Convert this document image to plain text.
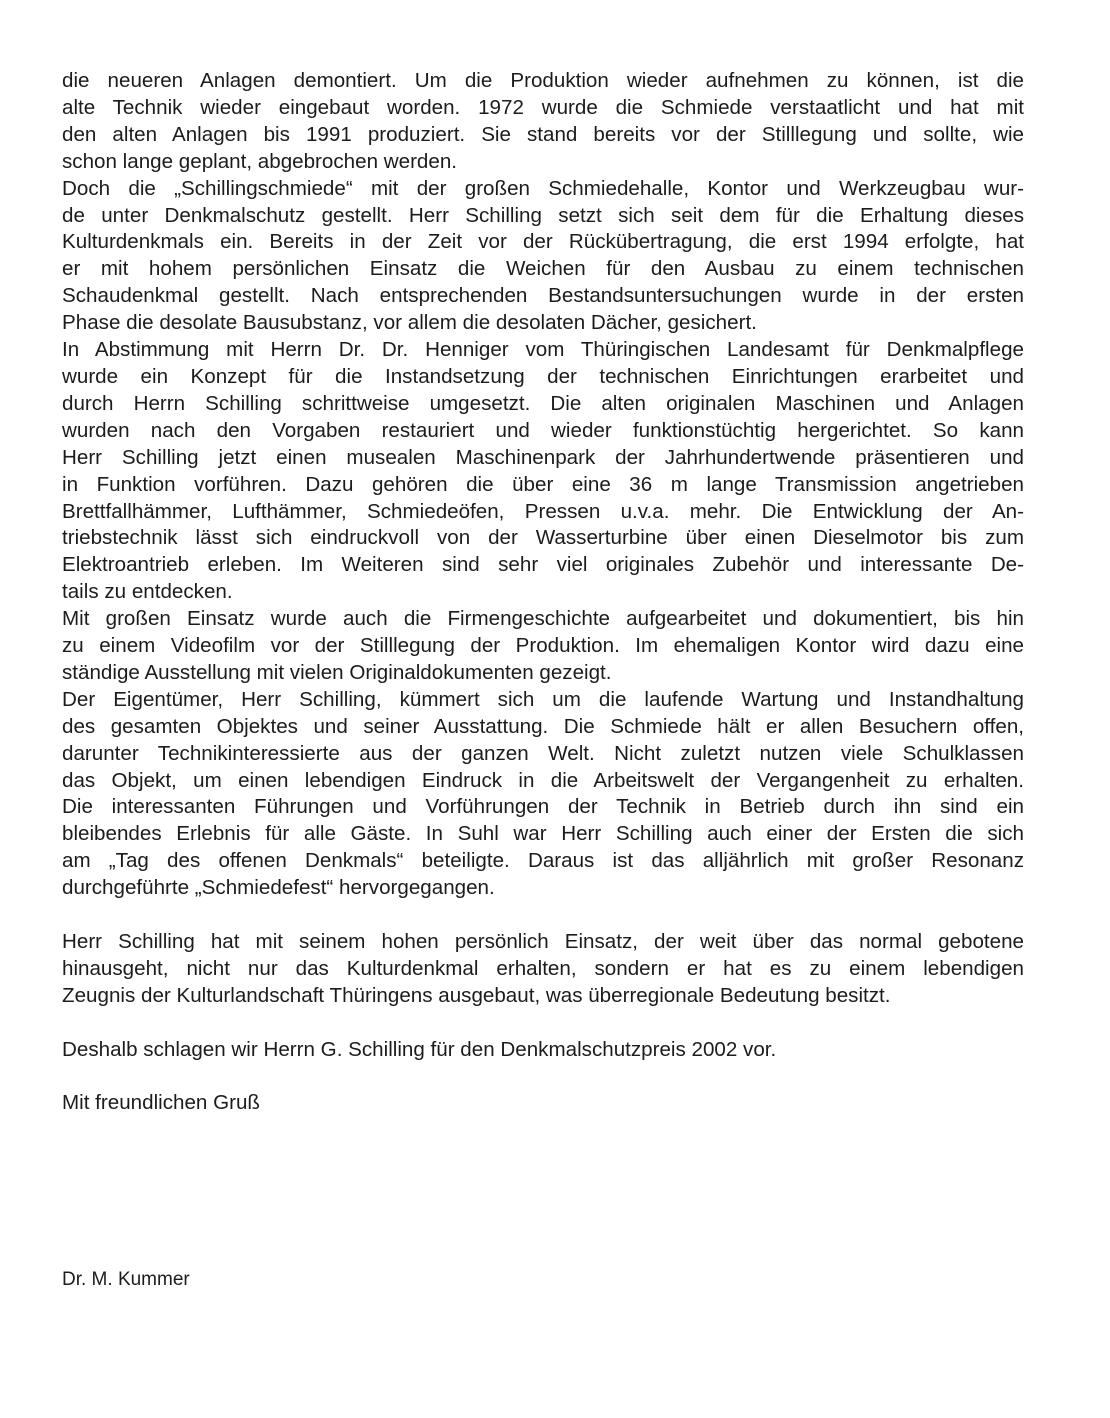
die neueren Anlagen demontiert. Um die Produktion wieder aufnehmen zu können, ist die
alte Technik wieder eingebaut worden. 1972 wurde die Schmiede verstaatlicht und hat mit
den alten Anlagen bis 1991 produziert. Sie stand bereits vor der Stilllegung und sollte, wie
schon lange geplant, abgebrochen werden.
Doch die „Schillingschmiede“ mit der großen Schmiedehalle, Kontor und Werkzeugbau wur-
de unter Denkmalschutz gestellt. Herr Schilling setzt sich seit dem für die Erhaltung dieses
Kulturdenkmals ein. Bereits in der Zeit vor der Rückübertragung, die erst 1994 erfolgte, hat
er mit hohem persönlichen Einsatz die Weichen für den Ausbau zu einem technischen
Schaudenkmal gestellt. Nach entsprechenden Bestandsuntersuchungen wurde in der ersten
Phase die desolate Bausubstanz, vor allem die desolaten Dächer, gesichert.
In Abstimmung mit Herrn Dr. Dr. Henniger vom Thüringischen Landesamt für Denkmalpflege
wurde ein Konzept für die Instandsetzung der technischen Einrichtungen erarbeitet und
durch Herrn Schilling schrittweise umgesetzt. Die alten originalen Maschinen und Anlagen
wurden nach den Vorgaben restauriert und wieder funktionstüchtig hergerichtet. So kann
Herr Schilling jetzt einen musealen Maschinenpark der Jahrhundertwende präsentieren und
in Funktion vorführen. Dazu gehören die über eine 36 m lange Transmission angetrieben
Brettfallhämmer, Lufthämmer, Schmiedeöfen, Pressen u.v.a. mehr. Die Entwicklung der An-
triebstechnik lässt sich eindruckvoll von der Wasserturbine über einen Dieselmotor bis zum
Elektroantrieb erleben. Im Weiteren sind sehr viel originales Zubehör und interessante De-
tails zu entdecken.
Mit großen Einsatz wurde auch die Firmengeschichte aufgearbeitet und dokumentiert, bis hin
zu einem Videofilm vor der Stilllegung der Produktion. Im ehemaligen Kontor wird dazu eine
ständige Ausstellung mit vielen Originaldokumenten gezeigt.
Der Eigentümer, Herr Schilling, kümmert sich um die laufende Wartung und Instandhaltung
des gesamten Objektes und seiner Ausstattung. Die Schmiede hält er allen Besuchern offen,
darunter Technikinteressierte aus der ganzen Welt. Nicht zuletzt nutzen viele Schulklassen
das Objekt, um einen lebendigen Eindruck in die Arbeitswelt der Vergangenheit zu erhalten.
Die interessanten Führungen und Vorführungen der Technik in Betrieb durch ihn sind ein
bleibendes Erlebnis für alle Gäste. In Suhl war Herr Schilling auch einer der Ersten die sich
am „Tag des offenen Denkmals“ beteiligte. Daraus ist das alljährlich mit großer Resonanz
durchgeführte „Schmiedefest“ hervorgegangen.
Herr Schilling hat mit seinem hohen persönlich Einsatz, der weit über das normal gebotene
hinausgeht, nicht nur das Kulturdenkmal erhalten, sondern er hat es zu einem lebendigen
Zeugnis der Kulturlandschaft Thüringens ausgebaut, was überregionale Bedeutung besitzt.
Deshalb schlagen wir Herrn G. Schilling für den Denkmalschutzpreis 2002 vor.
Mit freundlichen Gruß
Dr. M. Kummer
